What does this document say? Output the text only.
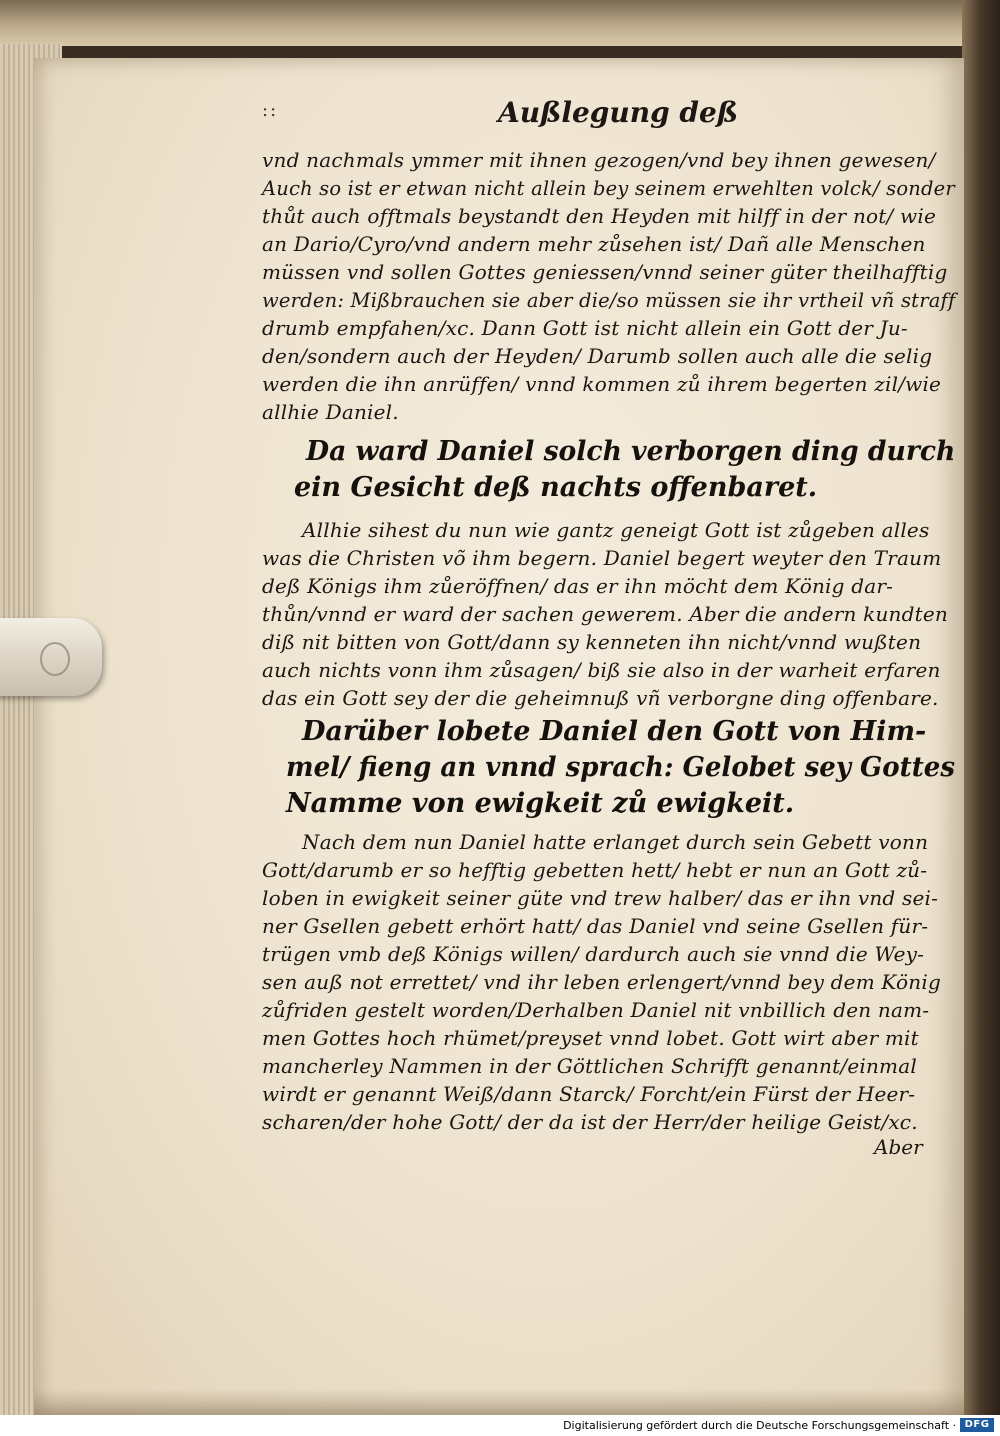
::	Außlegung deß
vnd nachmals ymmer mit ihnen gezogen/vnd bey ihnen gewesen/
Auch so ist er etwan nicht allein bey seinem erwehlten volck/ sonder
thůt auch offtmals beystandt den Heyden mit hilff in der not/ wie
an Dario/Cyro/vnd andern mehr zůsehen ist/ Dañ alle Menschen
müssen vnd sollen Gottes geniessen/vnnd seiner güter theilhafftig
werden: Mißbrauchen sie aber die/so müssen sie ihr vrtheil vñ straff
drumb empfahen/xc. Dann Gott ist nicht allein ein Gott der Ju-
den/sondern auch der Heyden/ Darumb sollen auch alle die selig
werden die ihn anrüffen/ vnnd kommen zů ihrem begerten zil/wie
allhie Daniel.
Da ward Daniel solch verborgen ding durch
ein Gesicht deß nachts offenbaret.
Allhie sihest du nun wie gantz geneigt Gott ist zůgeben alles
was die Christen võ ihm begern. Daniel begert weyter den Traum
deß Königs ihm zůeröffnen/ das er ihn möcht dem König dar-
thůn/vnnd er ward der sachen gewerет. Aber die andern kundten
diß nit bitten von Gott/dann sy kenneten ihn nicht/vnnd wußten
auch nichts vonn ihm zůsagen/ biß sie also in der warheit erfaren
das ein Gott sey der die geheimnuß vñ verborgne ding offenbare.
Darüber lobete Daniel den Gott von Him-
mel/ fieng an vnnd sprach: Gelobet sey Gottes
Namme von ewigkeit zů ewigkeit.
Nach dem nun Daniel hatte erlanget durch sein Gebett vonn
Gott/darumb er so hefftig gebetten hett/ hebt er nun an Gott zů-
loben in ewigkeit seiner güte vnd trew halber/ das er ihn vnd sei-
ner Gsellen gebett erhört hatt/ das Daniel vnd seine Gsellen für-
trügen vmb deß Königs willen/ dardurch auch sie vnnd die Wey-
sen auß not errettet/ vnd ihr leben erlengert/vnnd bey dem König
zůfriden gestelt worden/Derhalben Daniel nit vnbillich den nam-
men Gottes hoch rhümet/preyset vnnd lobet. Gott wirt aber mit
mancherley Nammen in der Göttlichen Schrifft genannt/einmal
wirdt er genannt Weiß/dann Starck/ Forcht/ein Fürst der Heer-
scharen/der hohe Gott/ der da ist der Herr/der heilige Geist/xc.
Aber
Digitalisierung gefördert durch die Deutsche Forschungsgemeinschaft · DFG
